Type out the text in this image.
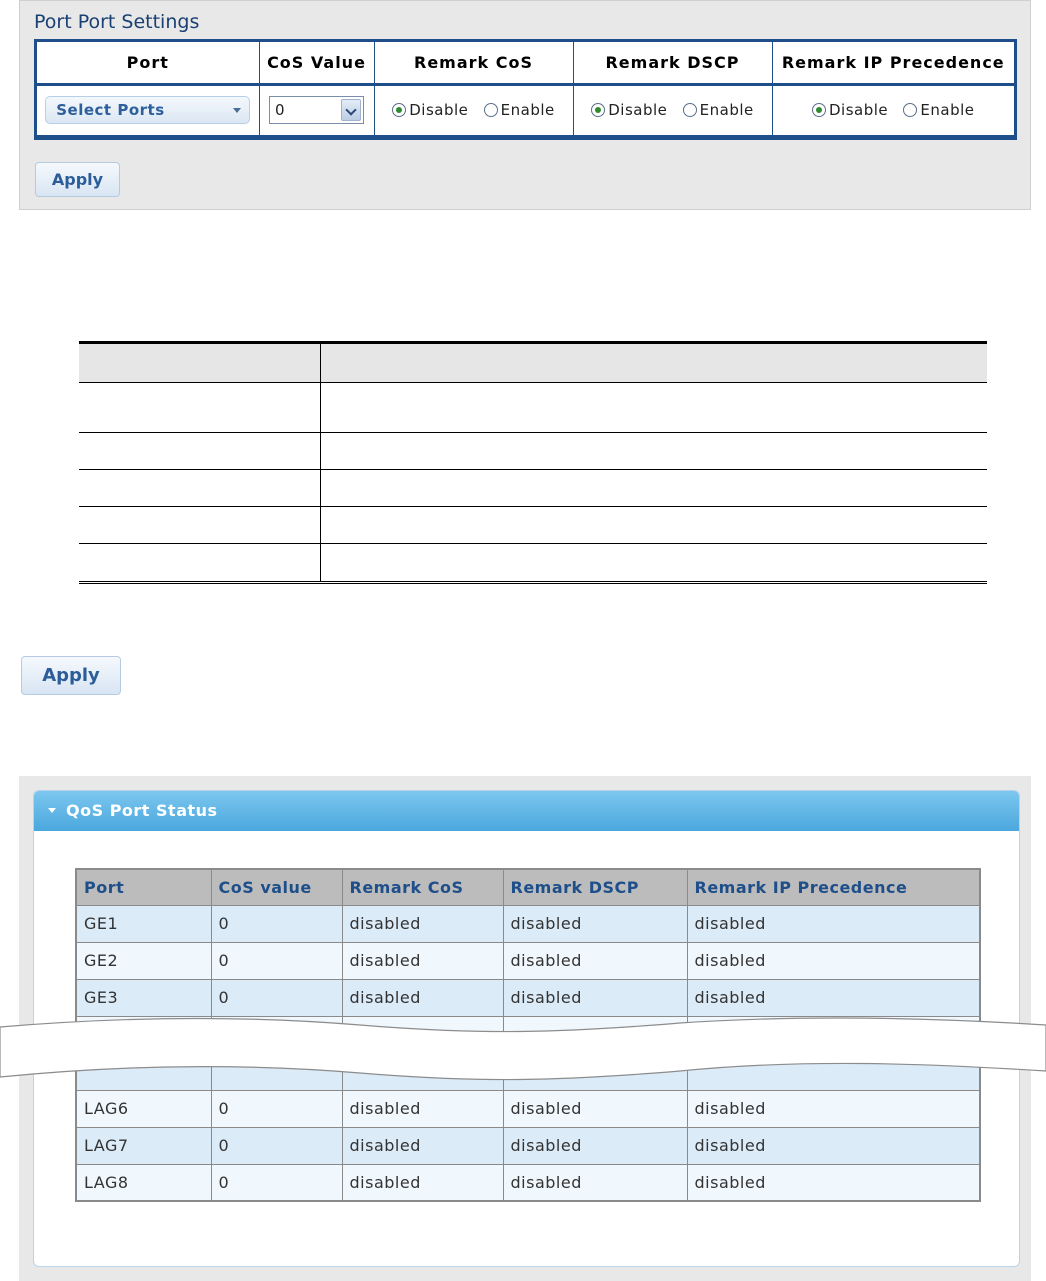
Port Port Settings
Port	CoS Value	Remark CoS	Remark DSCP	Remark IP Precedence
Select Ports	0	Disable Enable	Disable Enable	Disable Enable
Apply

Apply
QoS Port Status
Port	CoS value	Remark CoS	Remark DSCP	Remark IP Precedence
GE1	0	disabled	disabled	disabled
GE2	0	disabled	disabled	disabled
GE3	0	disabled	disabled	disabled

LAG6	0	disabled	disabled	disabled
LAG7	0	disabled	disabled	disabled
LAG8	0	disabled	disabled	disabled
